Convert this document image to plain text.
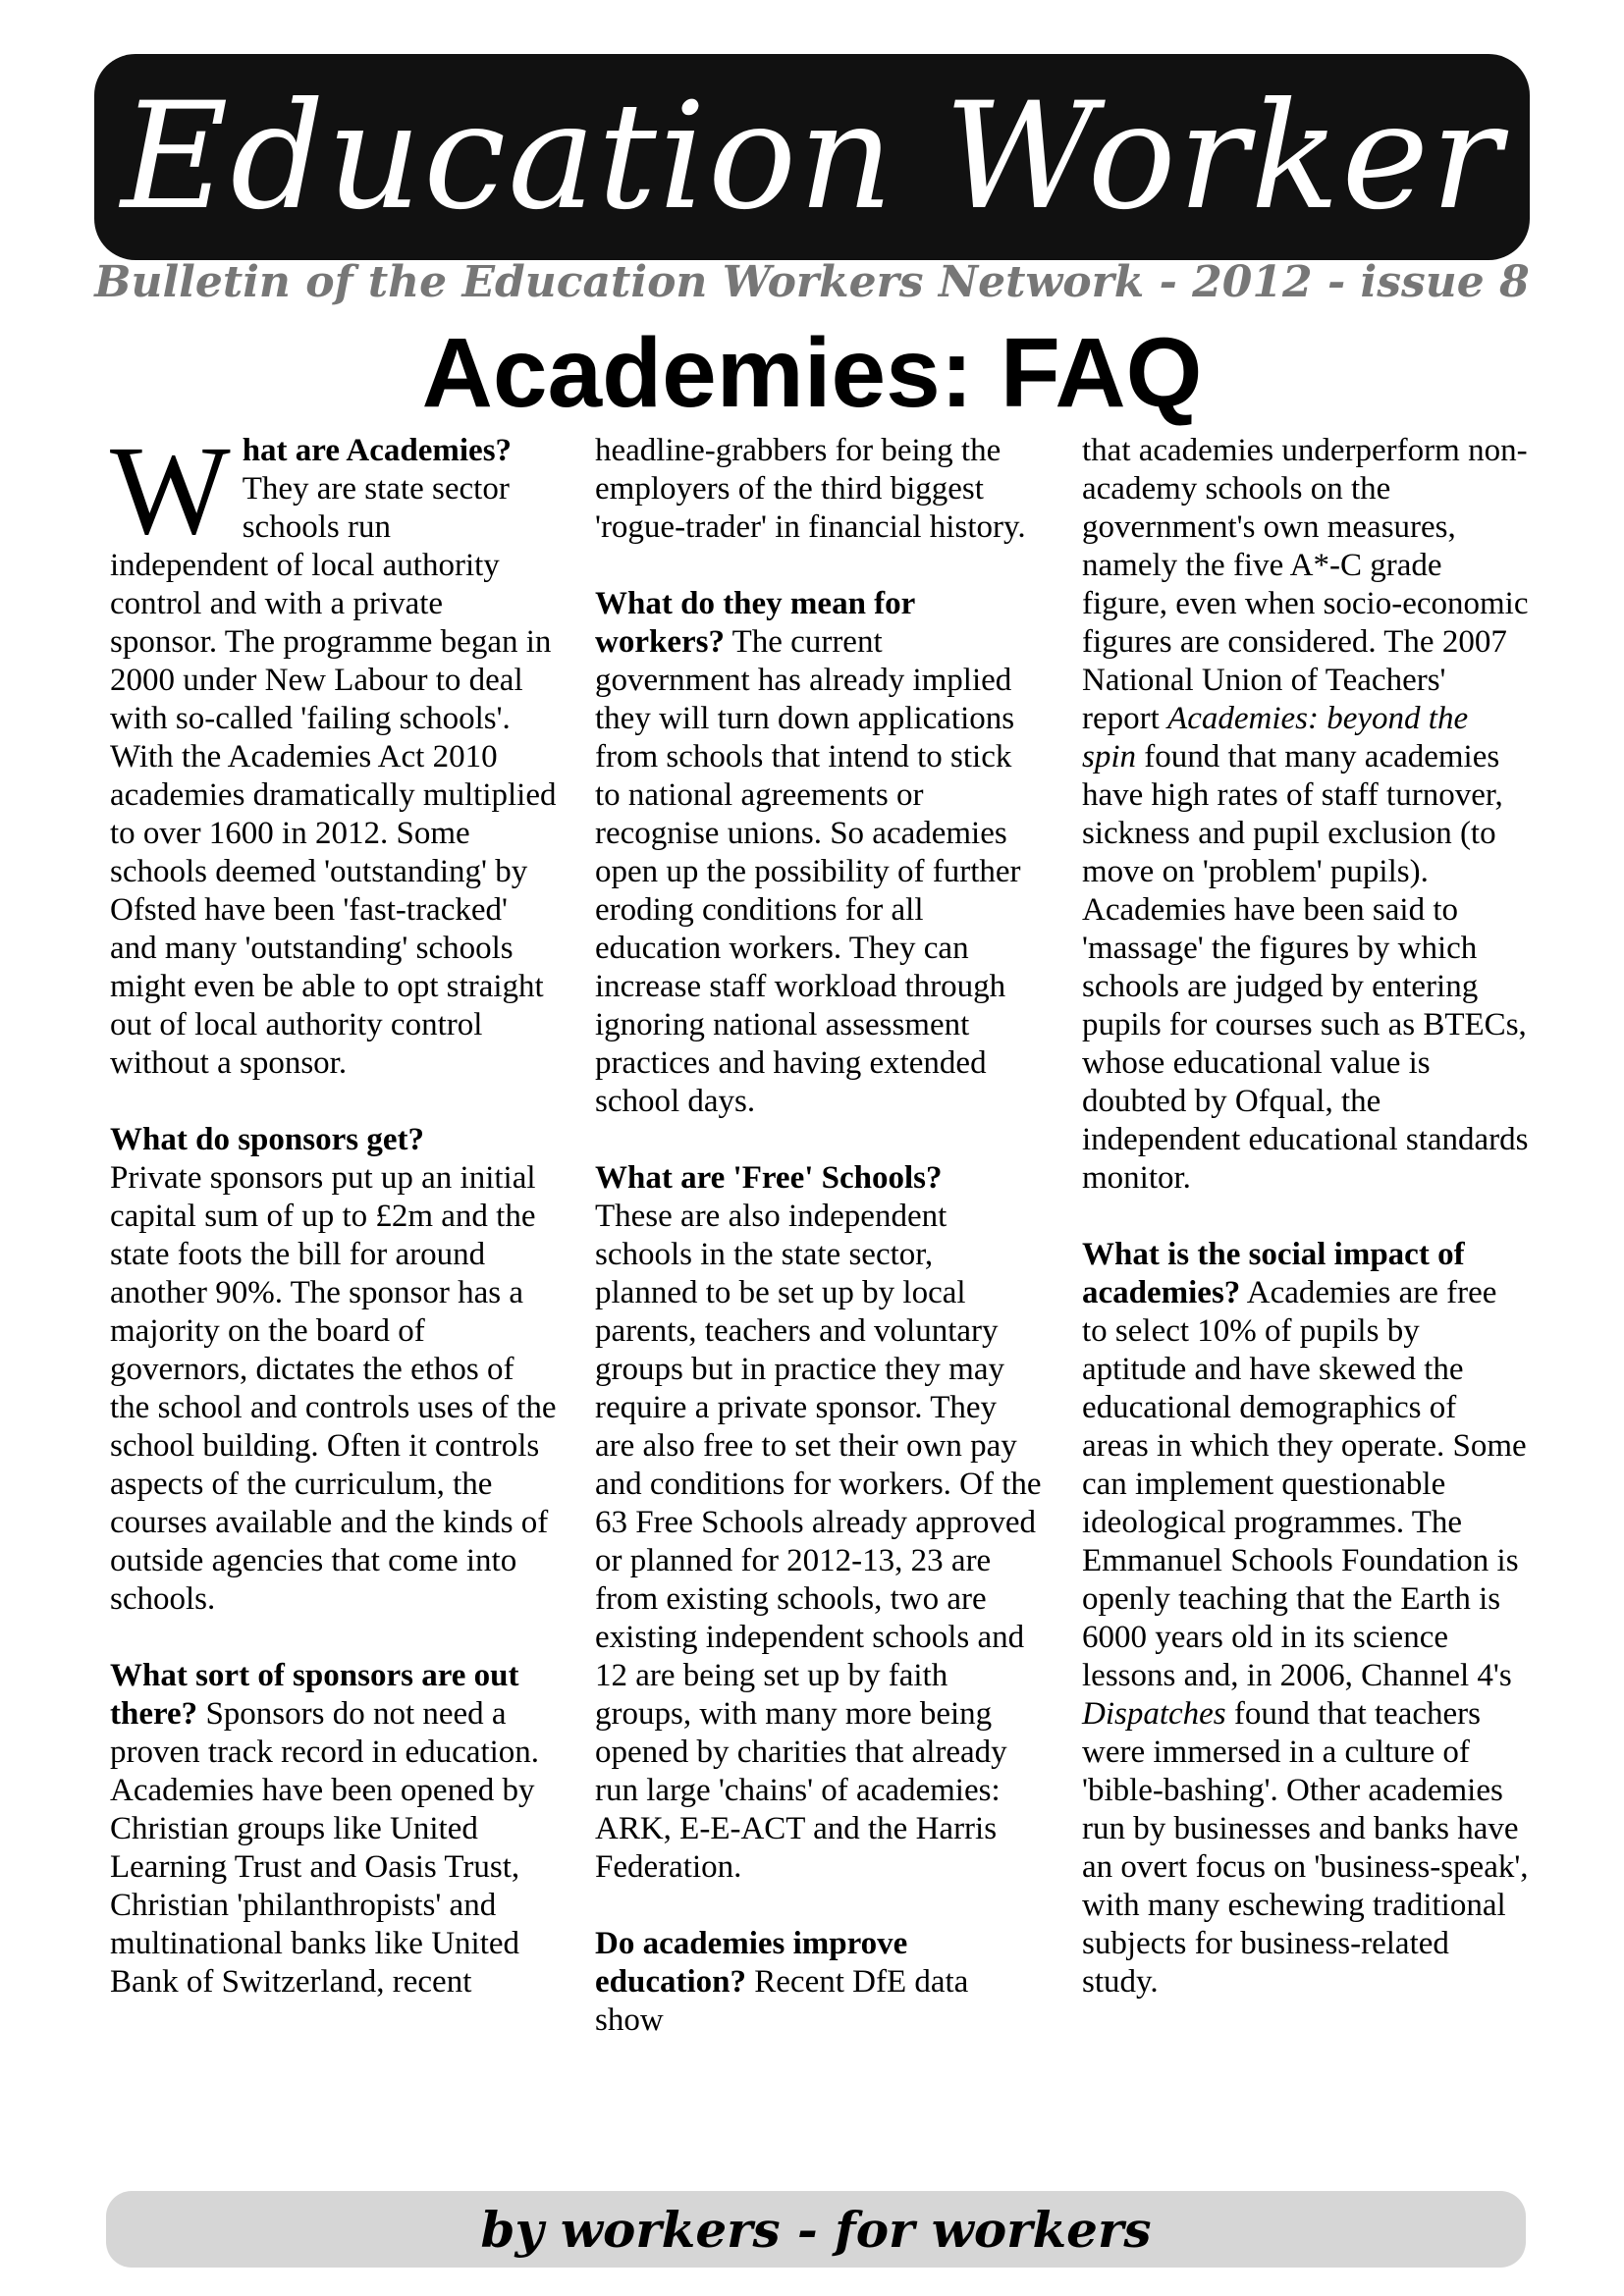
Education Worker
Bulletin of the Education Workers Network - 2012 - issue 8
Academies: FAQ

What are Academies? They are state sector schools run independent of local authority control and with a private sponsor. The programme began in 2000 under New Labour to deal with so-called 'failing schools'. With the Academies Act 2010 academies dramatically multiplied to over 1600 in 2012. Some schools deemed 'outstanding' by Ofsted have been 'fast-tracked' and many 'outstanding' schools might even be able to opt straight out of local authority control without a sponsor.

What do sponsors get?
Private sponsors put up an initial capital sum of up to £2m and the state foots the bill for around another 90%. The sponsor has a majority on the board of governors, dictates the ethos of the school and controls uses of the school building. Often it controls aspects of the curriculum, the courses available and the kinds of outside agencies that come into schools.

What sort of sponsors are out there? Sponsors do not need a proven track record in education. Academies have been opened by Christian groups like United Learning Trust and Oasis Trust, Christian 'philanthropists' and multinational banks like United Bank of Switzerland, recent

headline-grabbers for being the employers of the third biggest 'rogue-trader' in financial history.

What do they mean for workers? The current government has already implied they will turn down applications from schools that intend to stick to national agreements or recognise unions. So academies open up the possibility of further eroding conditions for all education workers. They can increase staff workload through ignoring national assessment practices and having extended school days.

What are 'Free' Schools?
These are also independent schools in the state sector, planned to be set up by local parents, teachers and voluntary groups but in practice they may require a private sponsor. They are also free to set their own pay and conditions for workers. Of the 63 Free Schools already approved or planned for 2012-13, 23 are from existing schools, two are existing independent schools and 12 are being set up by faith groups, with many more being opened by charities that already run large 'chains' of academies: ARK, E-E-ACT and the Harris Federation.

Do academies improve education? Recent DfE data show

that academies underperform non-academy schools on the government's own measures, namely the five A*-C grade figure, even when socio-economic figures are considered. The 2007 National Union of Teachers' report Academies: beyond the spin found that many academies have high rates of staff turnover, sickness and pupil exclusion (to move on 'problem' pupils). Academies have been said to 'massage' the figures by which schools are judged by entering pupils for courses such as BTECs, whose educational value is doubted by Ofqual, the independent educational standards monitor.

What is the social impact of academies? Academies are free to select 10% of pupils by aptitude and have skewed the educational demographics of areas in which they operate. Some can implement questionable ideological programmes. The Emmanuel Schools Foundation is openly teaching that the Earth is 6000 years old in its science lessons and, in 2006, Channel 4's Dispatches found that teachers were immersed in a culture of 'bible-bashing'. Other academies run by businesses and banks have an overt focus on 'business-speak', with many eschewing traditional subjects for business-related study.

by workers - for workers
